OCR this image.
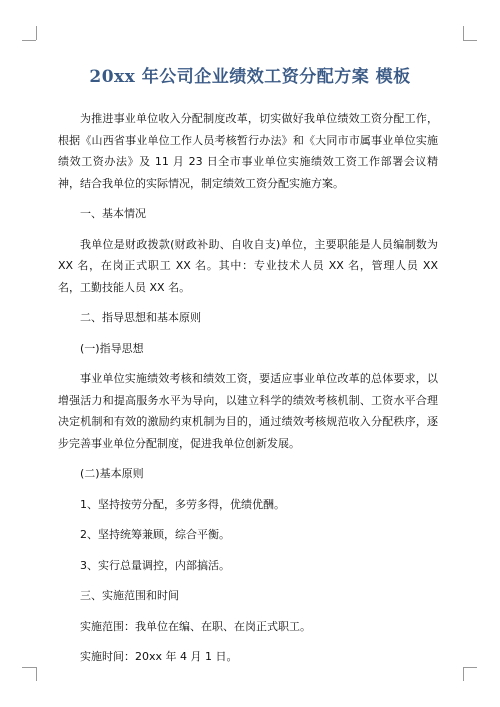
20xx 年公司企业绩效工资分配方案 模板

为推进事业单位收入分配制度改革，切实做好我单位绩效工资分配工作，根据《山西省事业单位工作人员考核暂行办法》和《大同市市属事业单位实施绩效工资办法》及 11 月 23 日全市事业单位实施绩效工资工作部署会议精神，结合我单位的实际情况，制定绩效工资分配实施方案。

一、基本情况

我单位是财政拨款(财政补助、自收自支)单位，主要职能是人员编制数为 XX 名，在岗正式职工 XX 名。其中：专业技术人员 XX 名，管理人员 XX 名，工勤技能人员 XX 名。

二、指导思想和基本原则

(一)指导思想

事业单位实施绩效考核和绩效工资，要适应事业单位改革的总体要求，以增强活力和提高服务水平为导向，以建立科学的绩效考核机制、工资水平合理决定机制和有效的激励约束机制为目的，通过绩效考核规范收入分配秩序，逐步完善事业单位分配制度，促进我单位创新发展。

(二)基本原则

1、坚持按劳分配，多劳多得，优绩优酬。

2、坚持统筹兼顾，综合平衡。

3、实行总量调控，内部搞活。

三、实施范围和时间

实施范围：我单位在编、在职、在岗正式职工。

实施时间：20xx 年 4 月 1 日。
